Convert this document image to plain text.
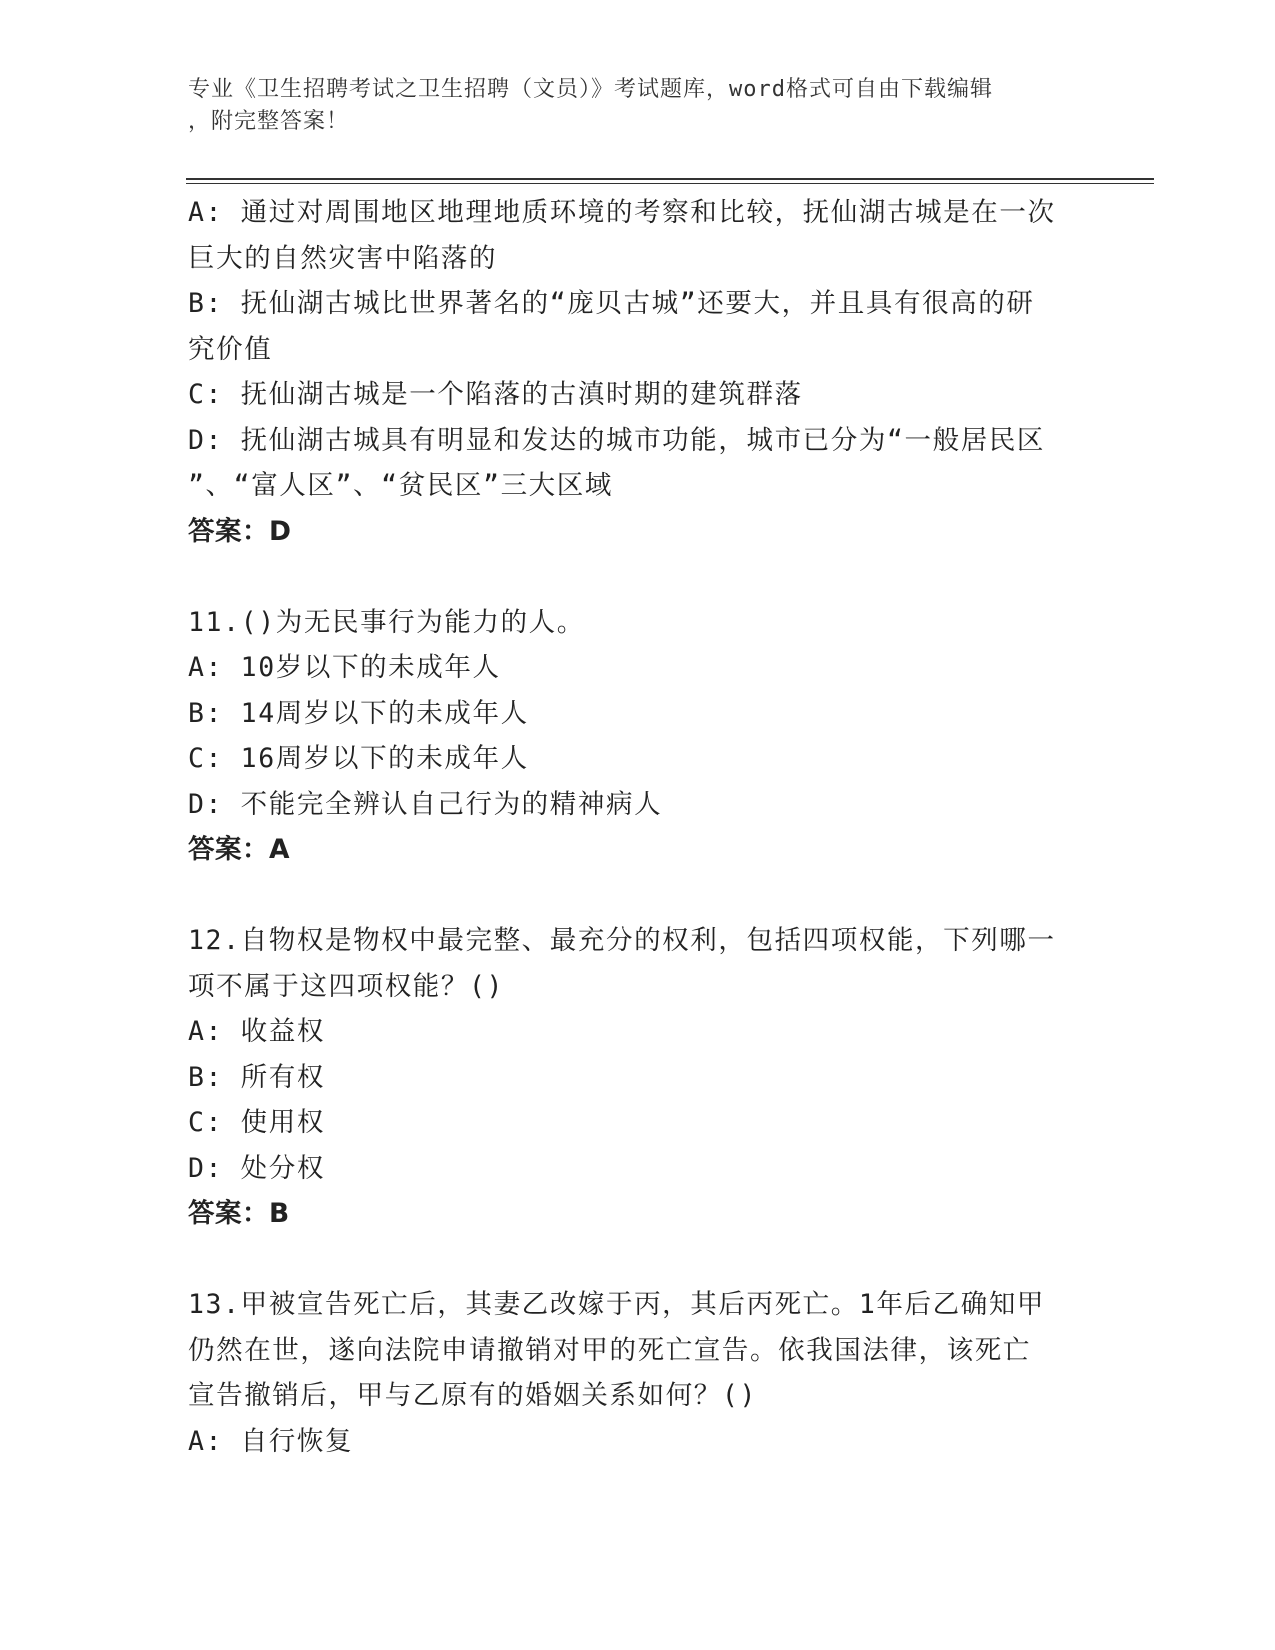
专业《卫生招聘考试之卫生招聘（文员）》考试题库，word格式可自由下载编辑
，附完整答案！
A: 通过对周围地区地理地质环境的考察和比较，抚仙湖古城是在一次
巨大的自然灾害中陷落的
B: 抚仙湖古城比世界著名的“庞贝古城”还要大，并且具有很高的研
究价值
C: 抚仙湖古城是一个陷落的古滇时期的建筑群落
D: 抚仙湖古城具有明显和发达的城市功能，城市已分为“一般居民区
”、“富人区”、“贫民区”三大区域
答案：D
11.()为无民事行为能力的人。
A: 10岁以下的未成年人
B: 14周岁以下的未成年人
C: 16周岁以下的未成年人
D: 不能完全辨认自己行为的精神病人
答案：A
12.自物权是物权中最完整、最充分的权利，包括四项权能，下列哪一
项不属于这四项权能？()
A: 收益权
B: 所有权
C: 使用权
D: 处分权
答案：B
13.甲被宣告死亡后，其妻乙改嫁于丙，其后丙死亡。1年后乙确知甲
仍然在世，遂向法院申请撤销对甲的死亡宣告。依我国法律，该死亡
宣告撤销后，甲与乙原有的婚姻关系如何？()
A: 自行恢复
